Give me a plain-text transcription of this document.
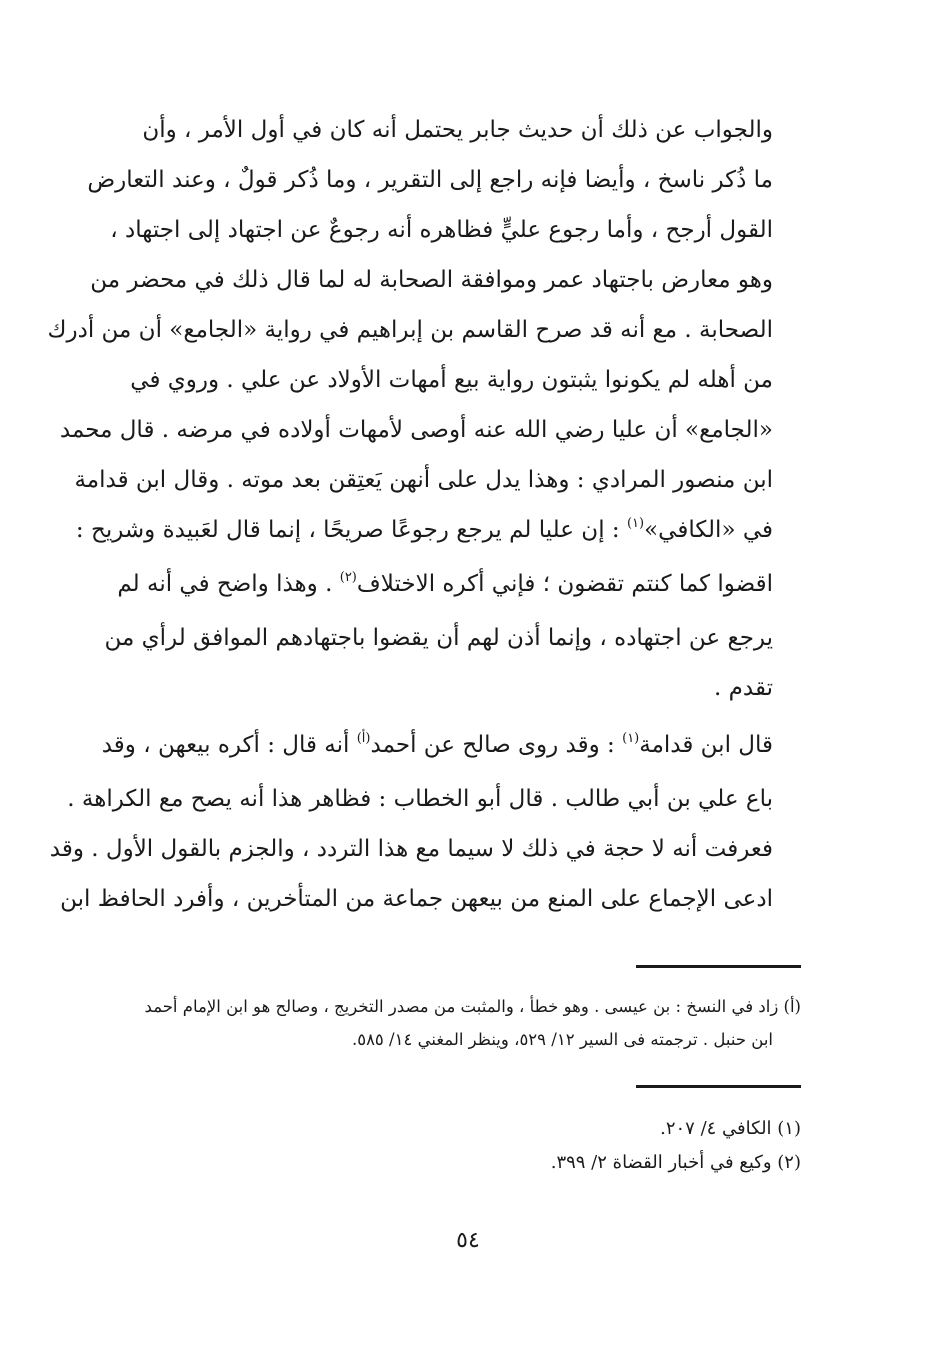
والجواب عن ذلك أن حديث جابر يحتمل أنه كان في أول الأمر ، وأن
ما ذُكر ناسخ ، وأيضا فإنه راجع إلى التقرير ، وما ذُكر قولٌ ، وعند التعارض
القول أرجح ، وأما رجوع عليٍّ فظاهره أنه رجوعٌ عن اجتهاد إلى اجتهاد ،
وهو معارض باجتهاد عمر وموافقة الصحابة له لما قال ذلك في محضر من
الصحابة . مع أنه قد صرح القاسم بن إبراهيم في رواية «الجامع» أن من أدرك
من أهله لم يكونوا يثبتون رواية بيع أمهات الأولاد عن علي . وروي في
«الجامع» أن عليا رضي الله عنه أوصى لأمهات أولاده في مرضه . قال محمد
ابن منصور المرادي : وهذا يدل على أنهن يَعتِقن بعد موته . وقال ابن قدامة
في «الكافي»$^{(١)}$ : إن عليا لم يرجع رجوعًا صريحًا ، إنما قال لعَبيدة وشريح :
اقضوا كما كنتم تقضون ؛ فإني أكره الاختلاف$^{(٢)}$ . وهذا واضح في أنه لم
يرجع عن اجتهاده ، وإنما أذن لهم أن يقضوا باجتهادهم الموافق لرأي من
تقدم .
قال ابن قدامة$^{(١)}$ : وقد روى صالح عن أحمد$^{(أ)}$ أنه قال : أكره بيعهن ، وقد
باع علي بن أبي طالب . قال أبو الخطاب : فظاهر هذا أنه يصح مع الكراهة .
فعرفت أنه لا حجة في ذلك لا سيما مع هذا التردد ، والجزم بالقول الأول . وقد
ادعى الإجماع على المنع من بيعهن جماعة من المتأخرين ، وأفرد الحافظ ابن
(أ) زاد في النسخ : بن عيسى . وهو خطأ ، والمثبت من مصدر التخريج ، وصالح هو ابن الإمام أحمد
ابن حنبل . ترجمته فى السير ١٢/ ٥٢٩، وينظر المغني ١٤/ ٥٨٥.
(١) الكافي ٤/ ٢٠٧.
(٢) وكيع في أخبار القضاة ٢/ ٣٩٩.
٥٤
